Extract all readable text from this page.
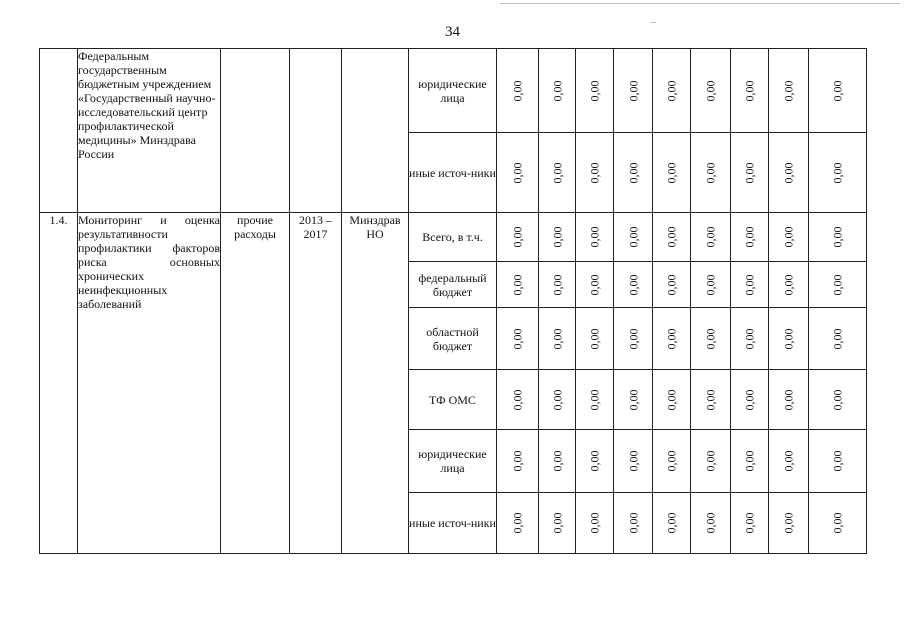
34
	Федеральным государственным бюджетным учреждением «Государственный научно-исследовательский центр профилактической медицины» Минздрава России				юридические лица	0,00	0,00	0,00	0,00	0,00	0,00	0,00	0,00	0,00
					иные источ-ники	0,00	0,00	0,00	0,00	0,00	0,00	0,00	0,00	0,00
1.4.	Мониторинг и оценка результативности профилактики факторов риска основных хронических неинфекционных заболеваний	прочие расходы	2013 – 2017	Минздрав НО	Всего, в т.ч.	0,00	0,00	0,00	0,00	0,00	0,00	0,00	0,00	0,00
					федеральный бюджет	0,00	0,00	0,00	0,00	0,00	0,00	0,00	0,00	0,00
					областной бюджет	0,00	0,00	0,00	0,00	0,00	0,00	0,00	0,00	0,00
					ТФ ОМС	0,00	0,00	0,00	0,00	0,00	0,00	0,00	0,00	0,00
					юридические лица	0,00	0,00	0,00	0,00	0,00	0,00	0,00	0,00	0,00
					иные источ-ники	0,00	0,00	0,00	0,00	0,00	0,00	0,00	0,00	0,00
